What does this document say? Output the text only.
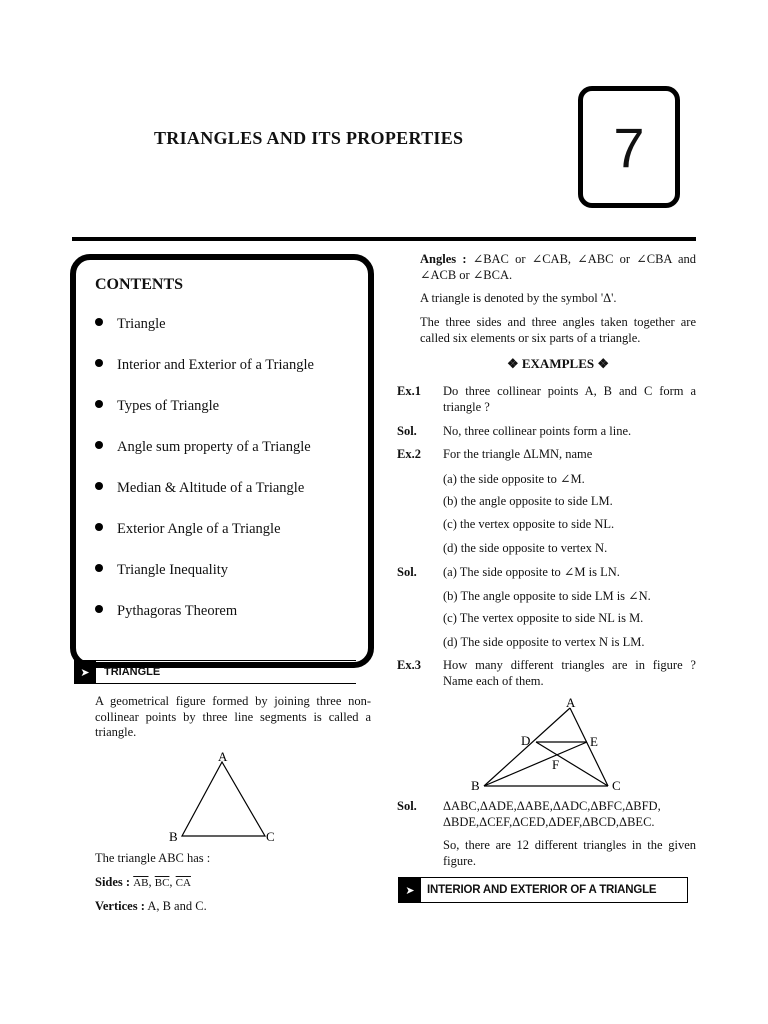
TRIANGLES AND ITS PROPERTIES	7
CONTENTS
Triangle
Interior and Exterior of a Triangle
Types of Triangle
Angle sum property of a Triangle
Median & Altitude of a Triangle
Exterior Angle of a Triangle
Triangle Inequality
Pythagoras Theorem
➤	TRIANGLE
A geometrical figure formed by joining three non-collinear points by three line segments is called a triangle.
A
B	C
The triangle ABC has :
Sides : $\overline{AB}$, $\overline{BC}$, $\overline{CA}$
Vertices : A, B and C.
Angles : ∠BAC or ∠CAB, ∠ABC or ∠CBA and ∠ACB or ∠BCA.
A triangle is denoted by the symbol 'Δ'.
The three sides and three angles taken together are called six elements or six parts of a triangle.
❖ EXAMPLES ❖
Ex.1	Do three collinear points A, B and C form a triangle ?
Sol.	No, three collinear points form a line.
Ex.2	For the triangle ΔLMN, name
(a) the side opposite to ∠M.
(b) the angle opposite to side LM.
(c) the vertex opposite to side NL.
(d) the side opposite to vertex N.
Sol.	(a) The side opposite to ∠M is LN.
(b) The angle opposite to side LM is ∠N.
(c) The vertex opposite to side NL is M.
(d) The side opposite to vertex N is LM.
Ex.3	How many different triangles are in figure ? Name each of them.
A
B	C
D	E
F
Sol.	ΔABC,ΔADE,ΔABE,ΔADC,ΔBFC,ΔBFD, ΔBDE,ΔCEF,ΔCED,ΔDEF,ΔBCD,ΔBEC.
So, there are 12 different triangles in the given figure.
➤	INTERIOR AND EXTERIOR OF A TRIANGLE
